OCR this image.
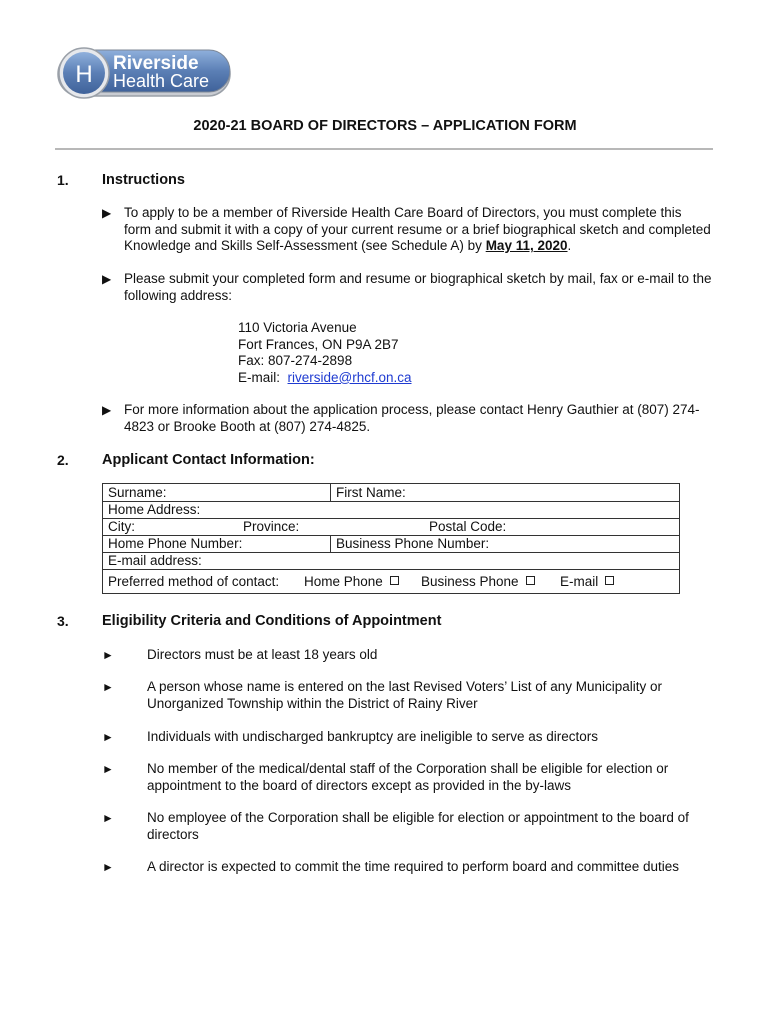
H Riverside
Health Care
2020-21 BOARD OF DIRECTORS – APPLICATION FORM
1. Instructions
▶ To apply to be a member of Riverside Health Care Board of Directors, you must complete this form and submit it with a copy of your current resume or a brief biographical sketch and completed Knowledge and Skills Self-Assessment (see Schedule A) by May 11, 2020.
▶ Please submit your completed form and resume or biographical sketch by mail, fax or e-mail to the following address:
110 Victoria Avenue
Fort Frances, ON P9A 2B7
Fax: 807-274-2898
E-mail:  riverside@rhcf.on.ca
▶ For more information about the application process, please contact Henry Gauthier at (807) 274-4823 or Brooke Booth at (807) 274-4825.
2. Applicant Contact Information:
Surname:	First Name:
Home Address:
City:	Province:	Postal Code:
Home Phone Number:	Business Phone Number:
E-mail address:
Preferred method of contact: Home Phone	Business Phone	E-mail
3. Eligibility Criteria and Conditions of Appointment
► Directors must be at least 18 years old
► A person whose name is entered on the last Revised Voters’ List of any Municipality or Unorganized Township within the District of Rainy River
► Individuals with undischarged bankruptcy are ineligible to serve as directors
► No member of the medical/dental staff of the Corporation shall be eligible for election or appointment to the board of directors except as provided in the by-laws
► No employee of the Corporation shall be eligible for election or appointment to the board of directors
► A director is expected to commit the time required to perform board and committee duties
